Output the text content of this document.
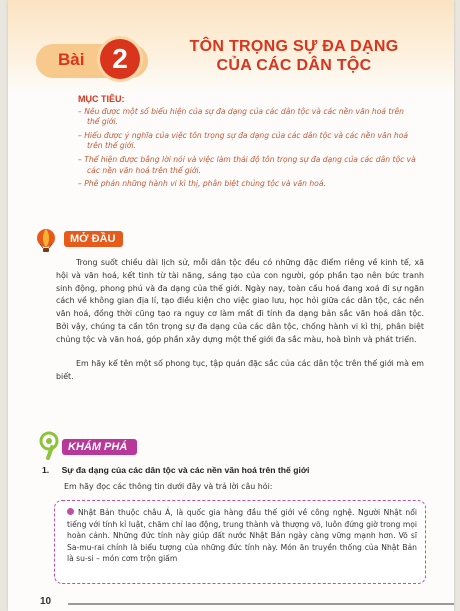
Bài 2	TÔN TRỌNG SỰ ĐA DẠNG
CỦA CÁC DÂN TỘC
MỤC TIÊU:

– Nêu được một số biểu hiện của sự đa dạng của các dân tộc và các nền văn hoá trên thế giới.

– Hiểu được ý nghĩa của việc tôn trọng sự đa dạng của các dân tộc và các nền văn hoá trên thế giới.

– Thể hiện được bằng lời nói và việc làm thái độ tôn trọng sự đa dạng của các dân tộc và các nền văn hoá trên thế giới.

– Phê phán những hành vi kì thị, phân biệt chủng tộc và văn hoá.

MỞ ĐẦU

Trong suốt chiều dài lịch sử, mỗi dân tộc đều có những đặc điểm riêng về kinh tế, xã hội và văn hoá, kết tinh từ tài năng, sáng tạo của con người, góp phần tạo nên bức tranh sinh động, phong phú và đa dạng của thế giới. Ngày nay, toàn cầu hoá đang xoá đi sự ngăn cách về không gian địa lí, tạo điều kiện cho việc giao lưu, học hỏi giữa các dân tộc, các nền văn hoá, đồng thời cũng tạo ra nguy cơ làm mất đi tính đa dạng bản sắc văn hoá dân tộc. Bởi vậy, chúng ta cần tôn trọng sự đa dạng của các dân tộc, chống hành vi kì thị, phân biệt chủng tộc và văn hoá, góp phần xây dựng một thế giới đa sắc màu, hoà bình và phát triển.

Em hãy kể tên một số phong tục, tập quán đặc sắc của các dân tộc trên thế giới mà em biết.

KHÁM PHÁ
1. Sự đa dạng của các dân tộc và các nền văn hoá trên thế giới
Em hãy đọc các thông tin dưới đây và trả lời câu hỏi:
Nhật Bản thuộc châu Á, là quốc gia hàng đầu thế giới về công nghệ. Người Nhật nổi tiếng với tính kỉ luật, chăm chỉ lao động, trung thành và thượng võ, luôn đứng giờ trong mọi hoàn cảnh. Những đức tính này giúp đất nước Nhật Bản ngày càng vững mạnh hơn. Võ sĩ Sa-mu-rai chính là biểu tượng của những đức tính này. Món ăn truyền thống của Nhật Bản là su-si – món cơm trộn giấm
10
